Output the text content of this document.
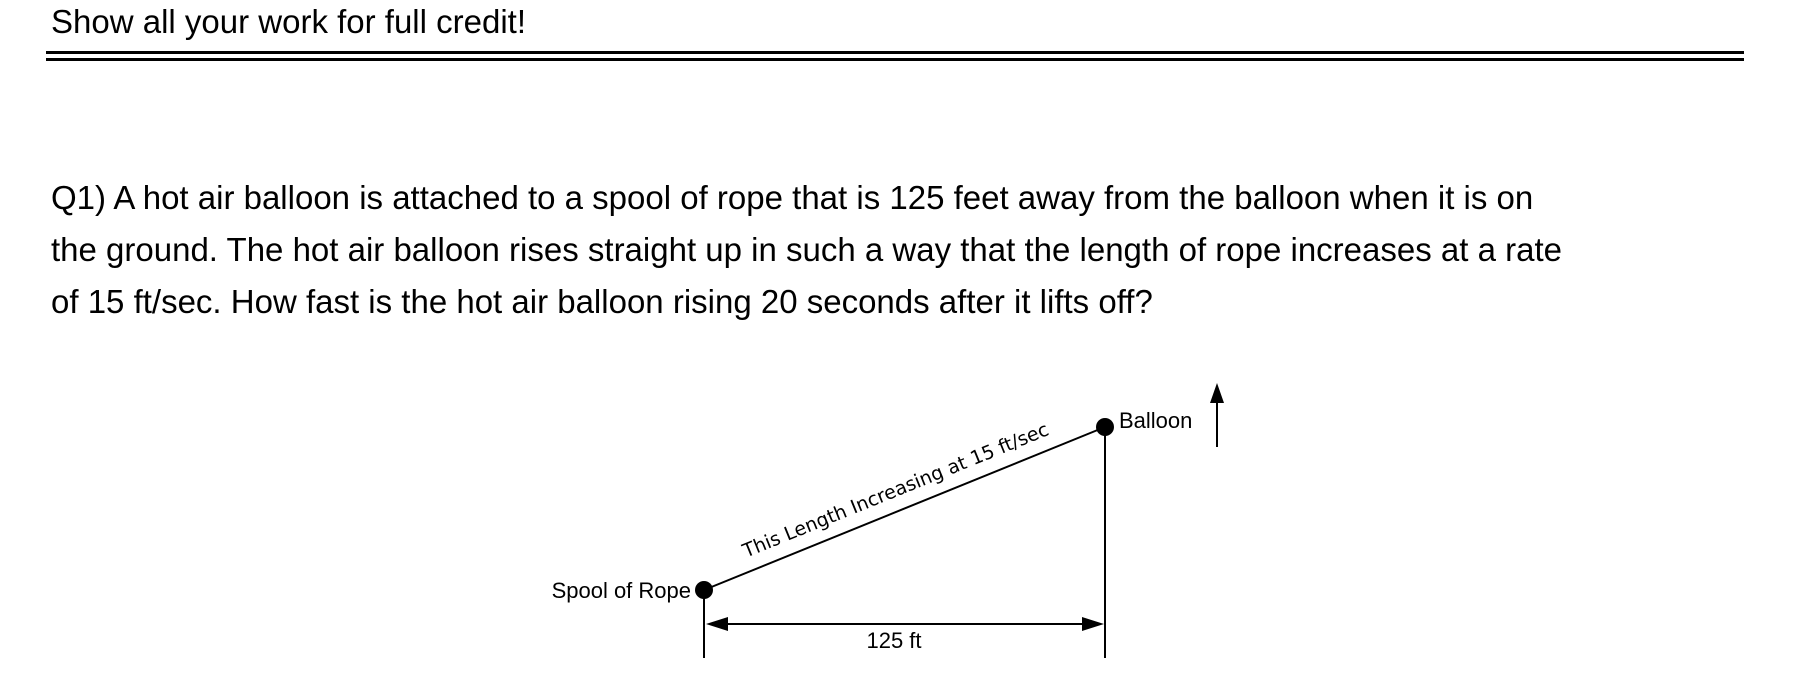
Show all your work for full credit!
Q1) A hot air balloon is attached to a spool of rope that is 125 feet away from the balloon when it is on
the ground. The hot air balloon rises straight up in such a way that the length of rope increases at a rate
of 15 ft/sec. How fast is the hot air balloon rising 20 seconds after it lifts off?
Spool of Rope
Balloon
This Length Increasing at 15 ft/sec
125 ft
